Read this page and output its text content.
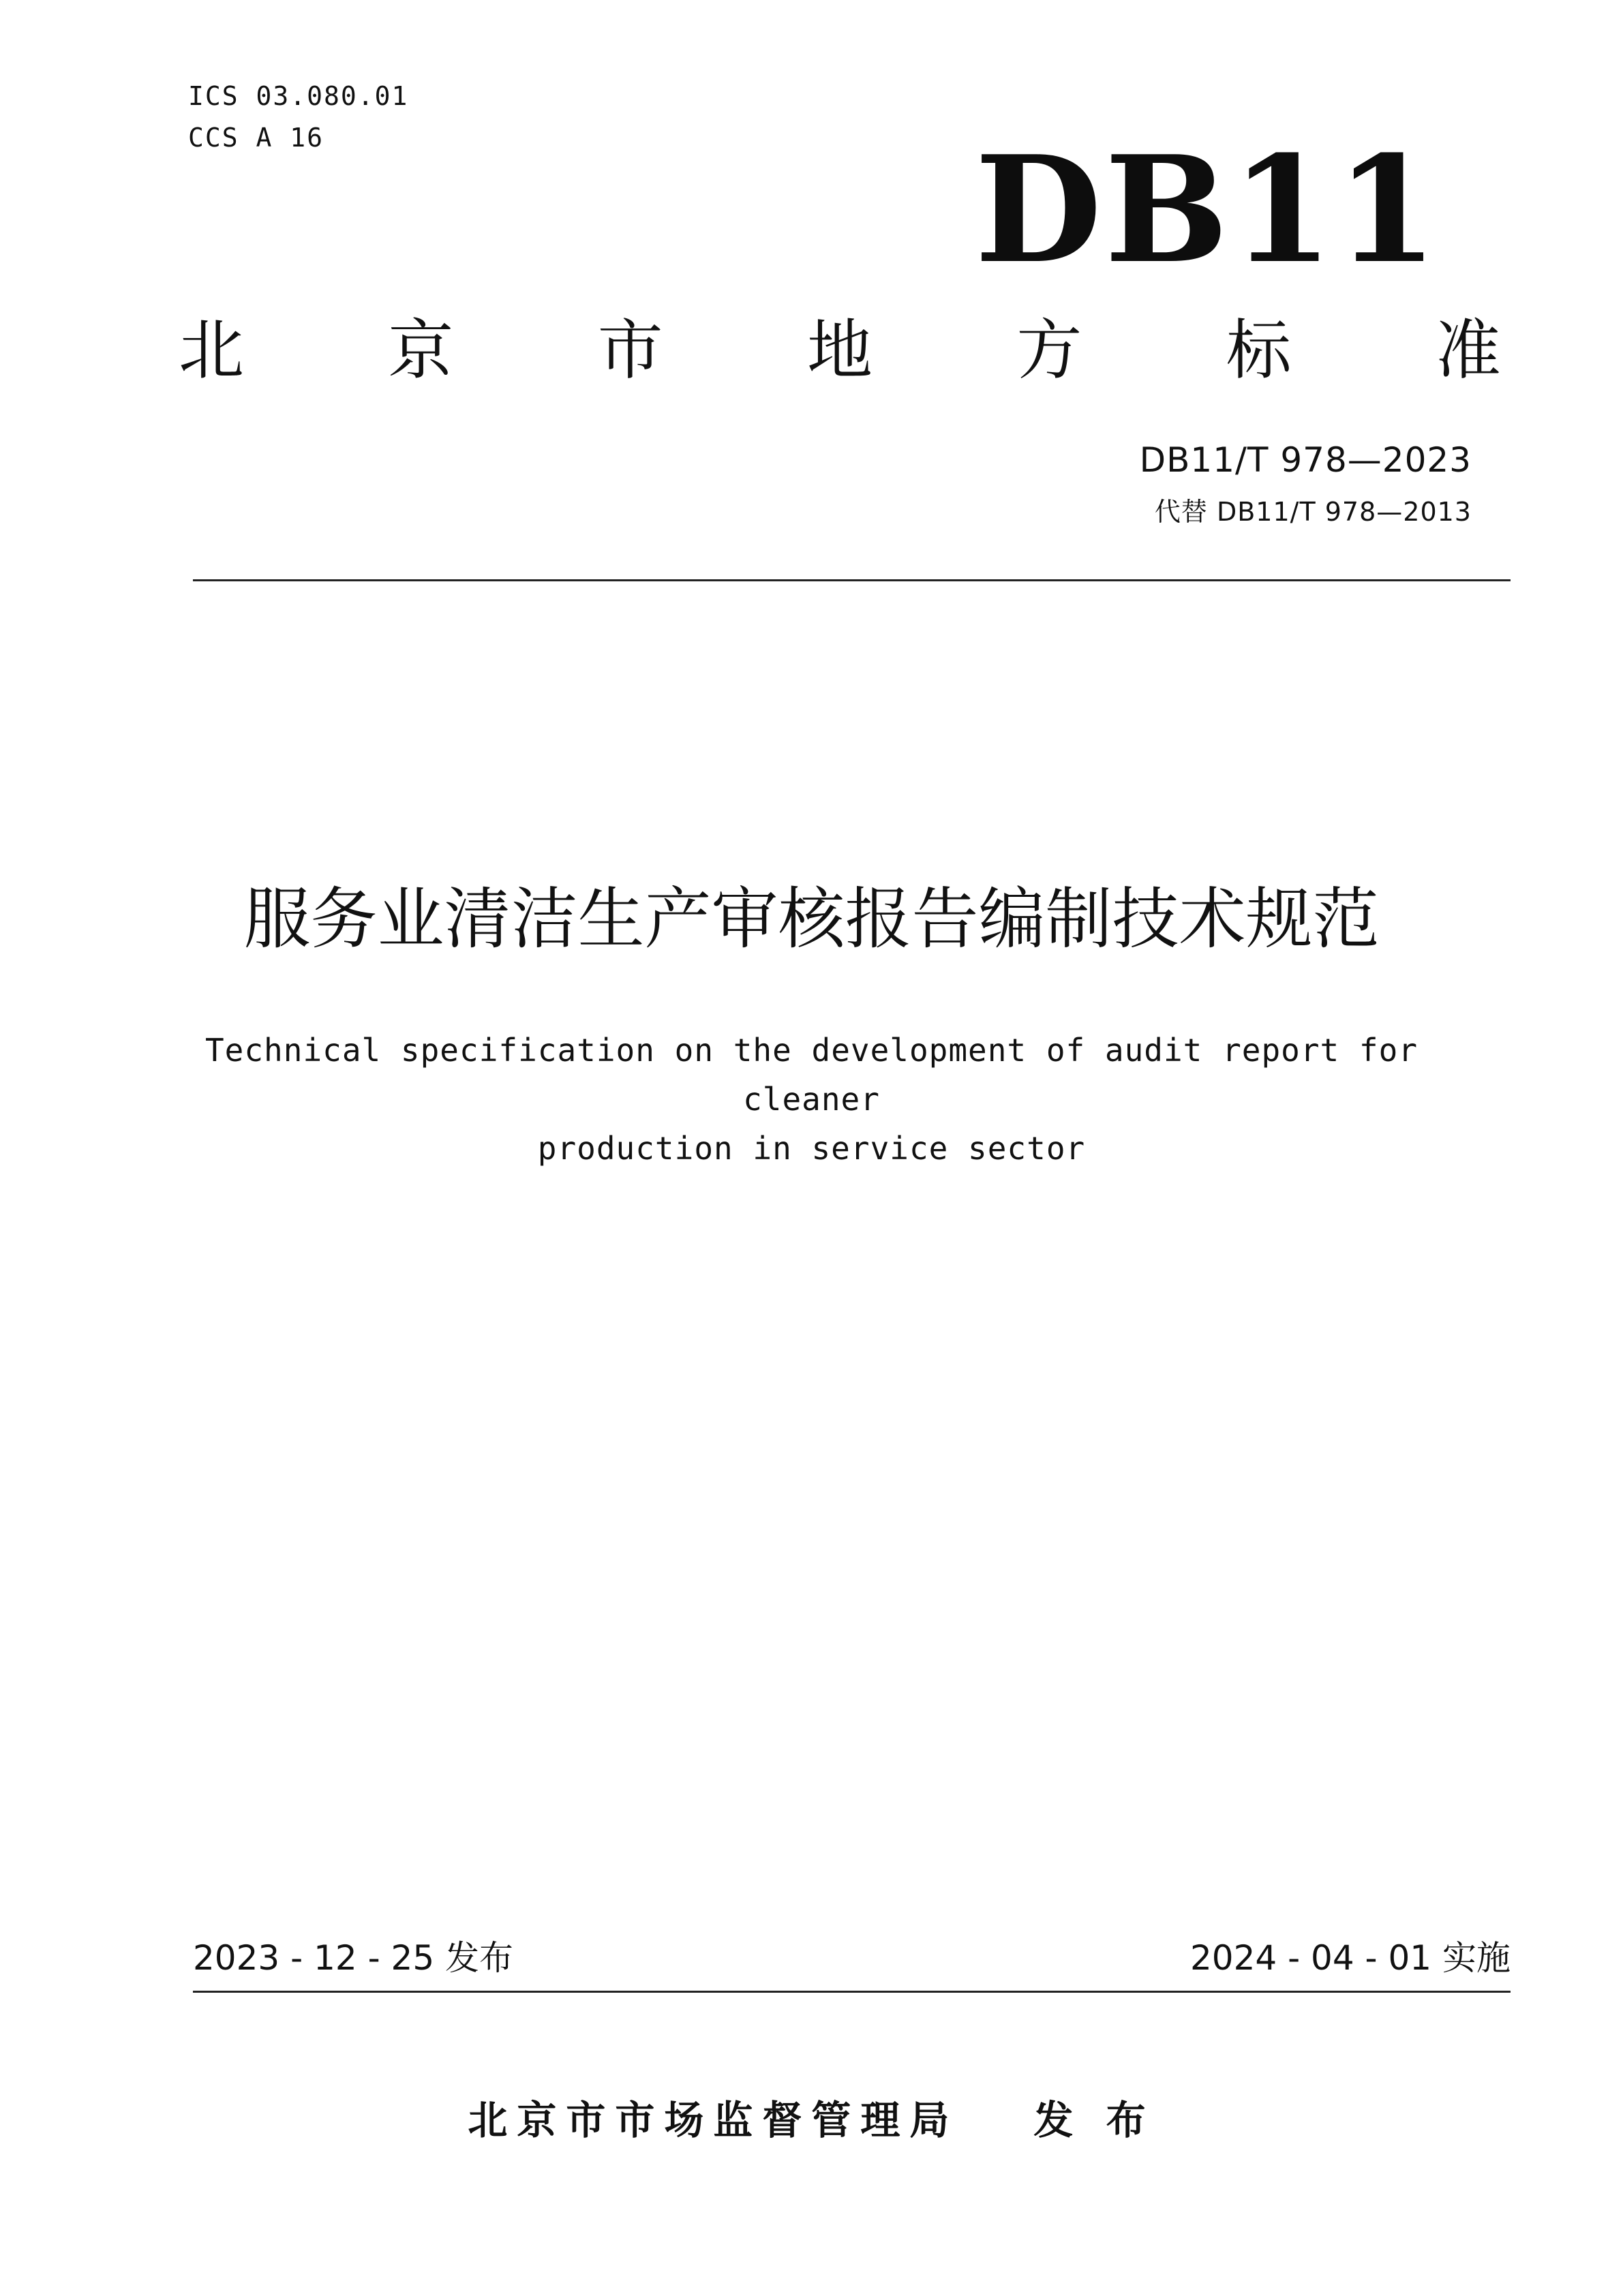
ICS 03.080.01
CCS A 16	DB11
北 京 市 地 方 标 准
DB11/T 978—2023
代替 DB11/T 978—2013
服务业清洁生产审核报告编制技术规范
Technical specification on the development of audit report for cleaner
production in service sector
2023 - 12 - 25 发布	2024 - 04 - 01 实施
北京市市场监督管理局 发 布
